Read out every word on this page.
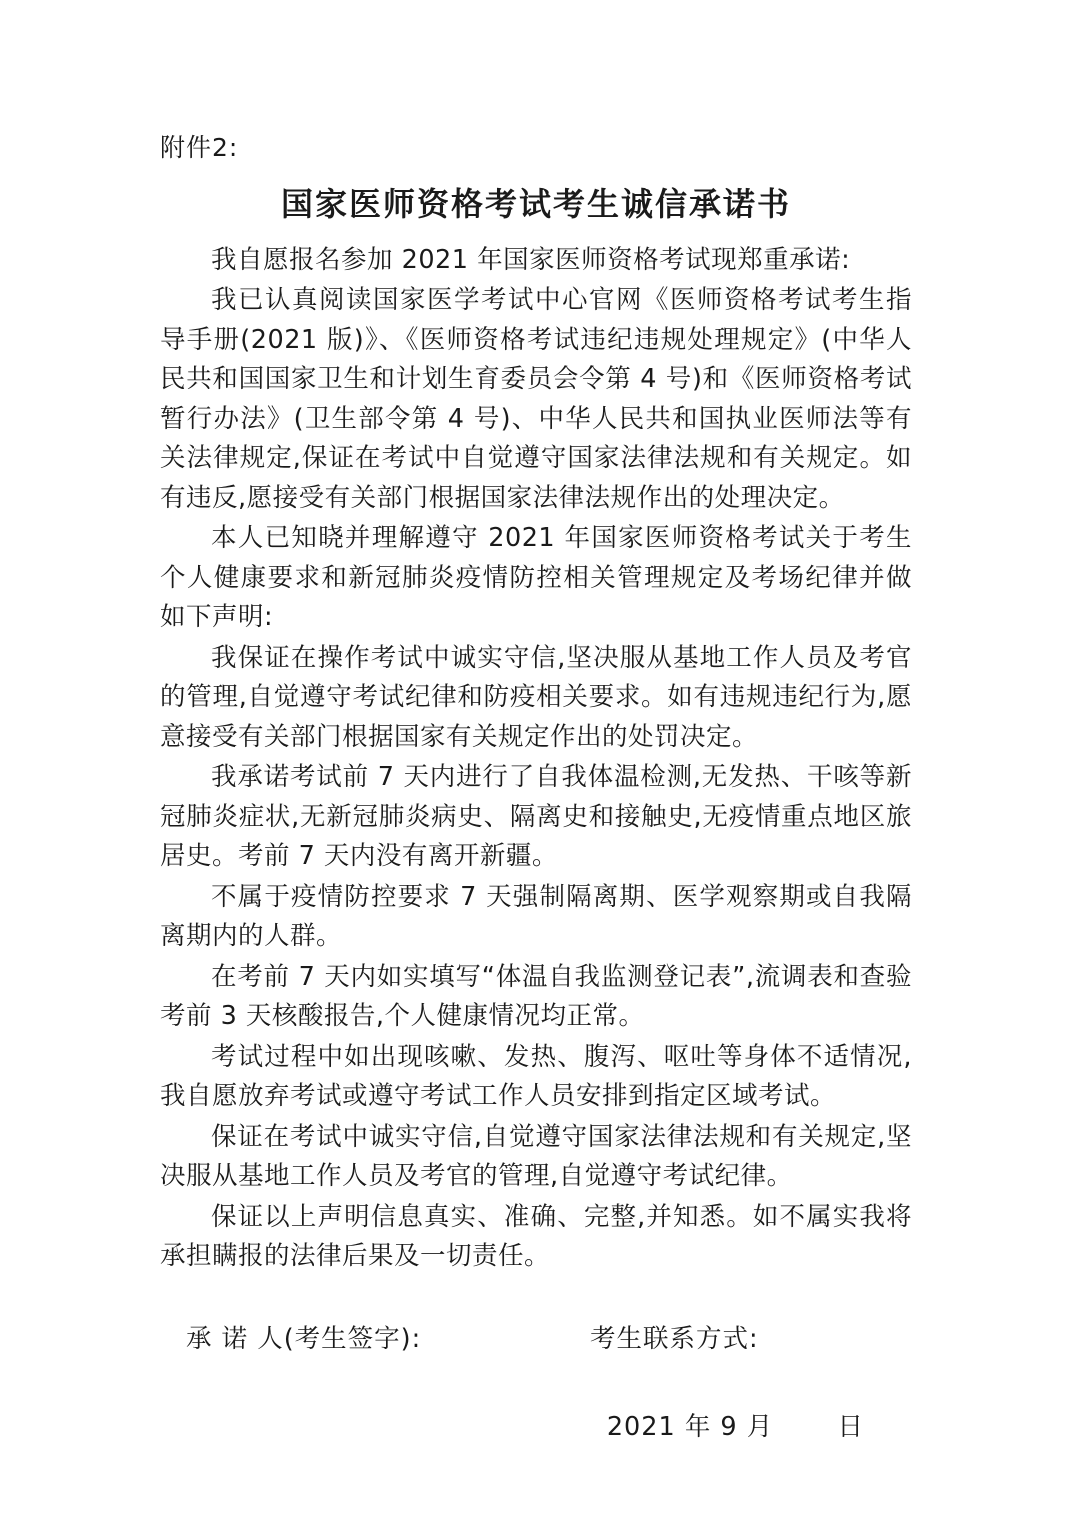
附件2:
国家医师资格考试考生诚信承诺书

我自愿报名参加 2021 年国家医师资格考试现郑重承诺:

我已认真阅读国家医学考试中心官网《医师资格考试考生指导手册(2021 版)》、《医师资格考试违纪违规处理规定》(中华人民共和国国家卫生和计划生育委员会令第 4 号)和《医师资格考试暂行办法》(卫生部令第 4 号)、中华人民共和国执业医师法等有关法律规定,保证在考试中自觉遵守国家法律法规和有关规定。如有违反,愿接受有关部门根据国家法律法规作出的处理决定。

本人已知晓并理解遵守 2021 年国家医师资格考试关于考生个人健康要求和新冠肺炎疫情防控相关管理规定及考场纪律并做如下声明:

我保证在操作考试中诚实守信,坚决服从基地工作人员及考官的管理,自觉遵守考试纪律和防疫相关要求。如有违规违纪行为,愿意接受有关部门根据国家有关规定作出的处罚决定。

我承诺考试前 7 天内进行了自我体温检测,无发热、干咳等新冠肺炎症状,无新冠肺炎病史、隔离史和接触史,无疫情重点地区旅居史。考前 7 天内没有离开新疆。

不属于疫情防控要求 7 天强制隔离期、医学观察期或自我隔离期内的人群。

在考前 7 天内如实填写“体温自我监测登记表”,流调表和查验考前 3 天核酸报告,个人健康情况均正常。

考试过程中如出现咳嗽、发热、腹泻、呕吐等身体不适情况,我自愿放弃考试或遵守考试工作人员安排到指定区域考试。

保证在考试中诚实守信,自觉遵守国家法律法规和有关规定,坚决服从基地工作人员及考官的管理,自觉遵守考试纪律。

保证以上声明信息真实、准确、完整,并知悉。如不属实我将承担瞒报的法律后果及一切责任。

承 诺 人(考生签字):	考生联系方式:
2021 年 9 月	日
